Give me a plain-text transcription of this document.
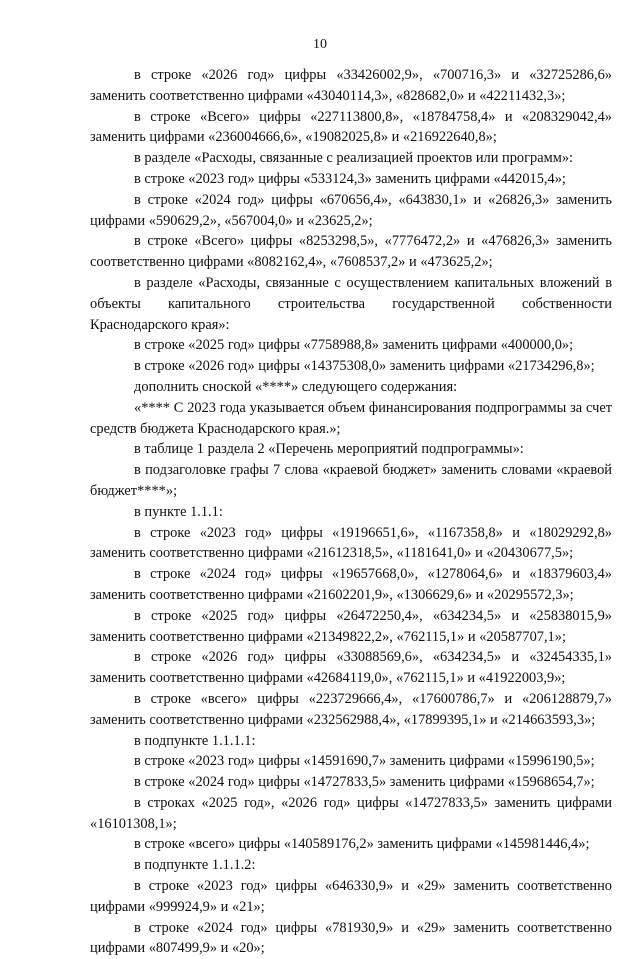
10

в строке «2026 год» цифры «33426002,9», «700716,3» и «32725286,6» заменить соответственно цифрами «43040114,3», «828682,0» и «42211432,3»;

в строке «Всего» цифры «227113800,8», «18784758,4» и «208329042,4» заменить цифрами «236004666,6», «19082025,8» и «216922640,8»;

в разделе «Расходы, связанные с реализацией проектов или программ»:

в строке «2023 год» цифры «533124,3» заменить цифрами «442015,4»;

в строке «2024 год» цифры «670656,4», «643830,1» и «26826,3» заменить цифрами «590629,2», «567004,0» и «23625,2»;

в строке «Всего» цифры «8253298,5», «7776472,2» и «476826,3» заменить соответственно цифрами «8082162,4», «7608537,2» и «473625,2»;

в разделе «Расходы, связанные с осуществлением капитальных вложений в объекты капитального строительства государственной собственности Краснодарского края»:

в строке «2025 год» цифры «7758988,8» заменить цифрами «400000,0»;

в строке «2026 год» цифры «14375308,0» заменить цифрами «21734296,8»;

дополнить сноской «****» следующего содержания:

«**** С 2023 года указывается объем финансирования подпрограммы за счет средств бюджета Краснодарского края.»;

в таблице 1 раздела 2 «Перечень мероприятий подпрограммы»:

в подзаголовке графы 7 слова «краевой бюджет» заменить словами «краевой бюджет****»;

в пункте 1.1.1:

в строке «2023 год» цифры «19196651,6», «1167358,8» и «18029292,8» заменить соответственно цифрами «21612318,5», «1181641,0» и «20430677,5»;

в строке «2024 год» цифры «19657668,0», «1278064,6» и «18379603,4» заменить соответственно цифрами «21602201,9», «1306629,6» и «20295572,3»;

в строке «2025 год» цифры «26472250,4», «634234,5» и «25838015,9» заменить соответственно цифрами «21349822,2», «762115,1» и «20587707,1»;

в строке «2026 год» цифры «33088569,6», «634234,5» и «32454335,1» заменить соответственно цифрами «42684119,0», «762115,1» и «41922003,9»;

в строке «всего» цифры «223729666,4», «17600786,7» и «206128879,7» заменить соответственно цифрами «232562988,4», «17899395,1» и «214663593,3»;

в подпункте 1.1.1.1:

в строке «2023 год» цифры «14591690,7» заменить цифрами «15996190,5»;

в строке «2024 год» цифры «14727833,5» заменить цифрами «15968654,7»;

в строках «2025 год», «2026 год» цифры «14727833,5» заменить цифрами «16101308,1»;

в строке «всего» цифры «140589176,2» заменить цифрами «145981446,4»;

в подпункте 1.1.1.2:

в строке «2023 год» цифры «646330,9» и «29» заменить соответственно цифрами «999924,9» и «21»;

в строке «2024 год» цифры «781930,9» и «29» заменить соответственно цифрами «807499,9» и «20»;
